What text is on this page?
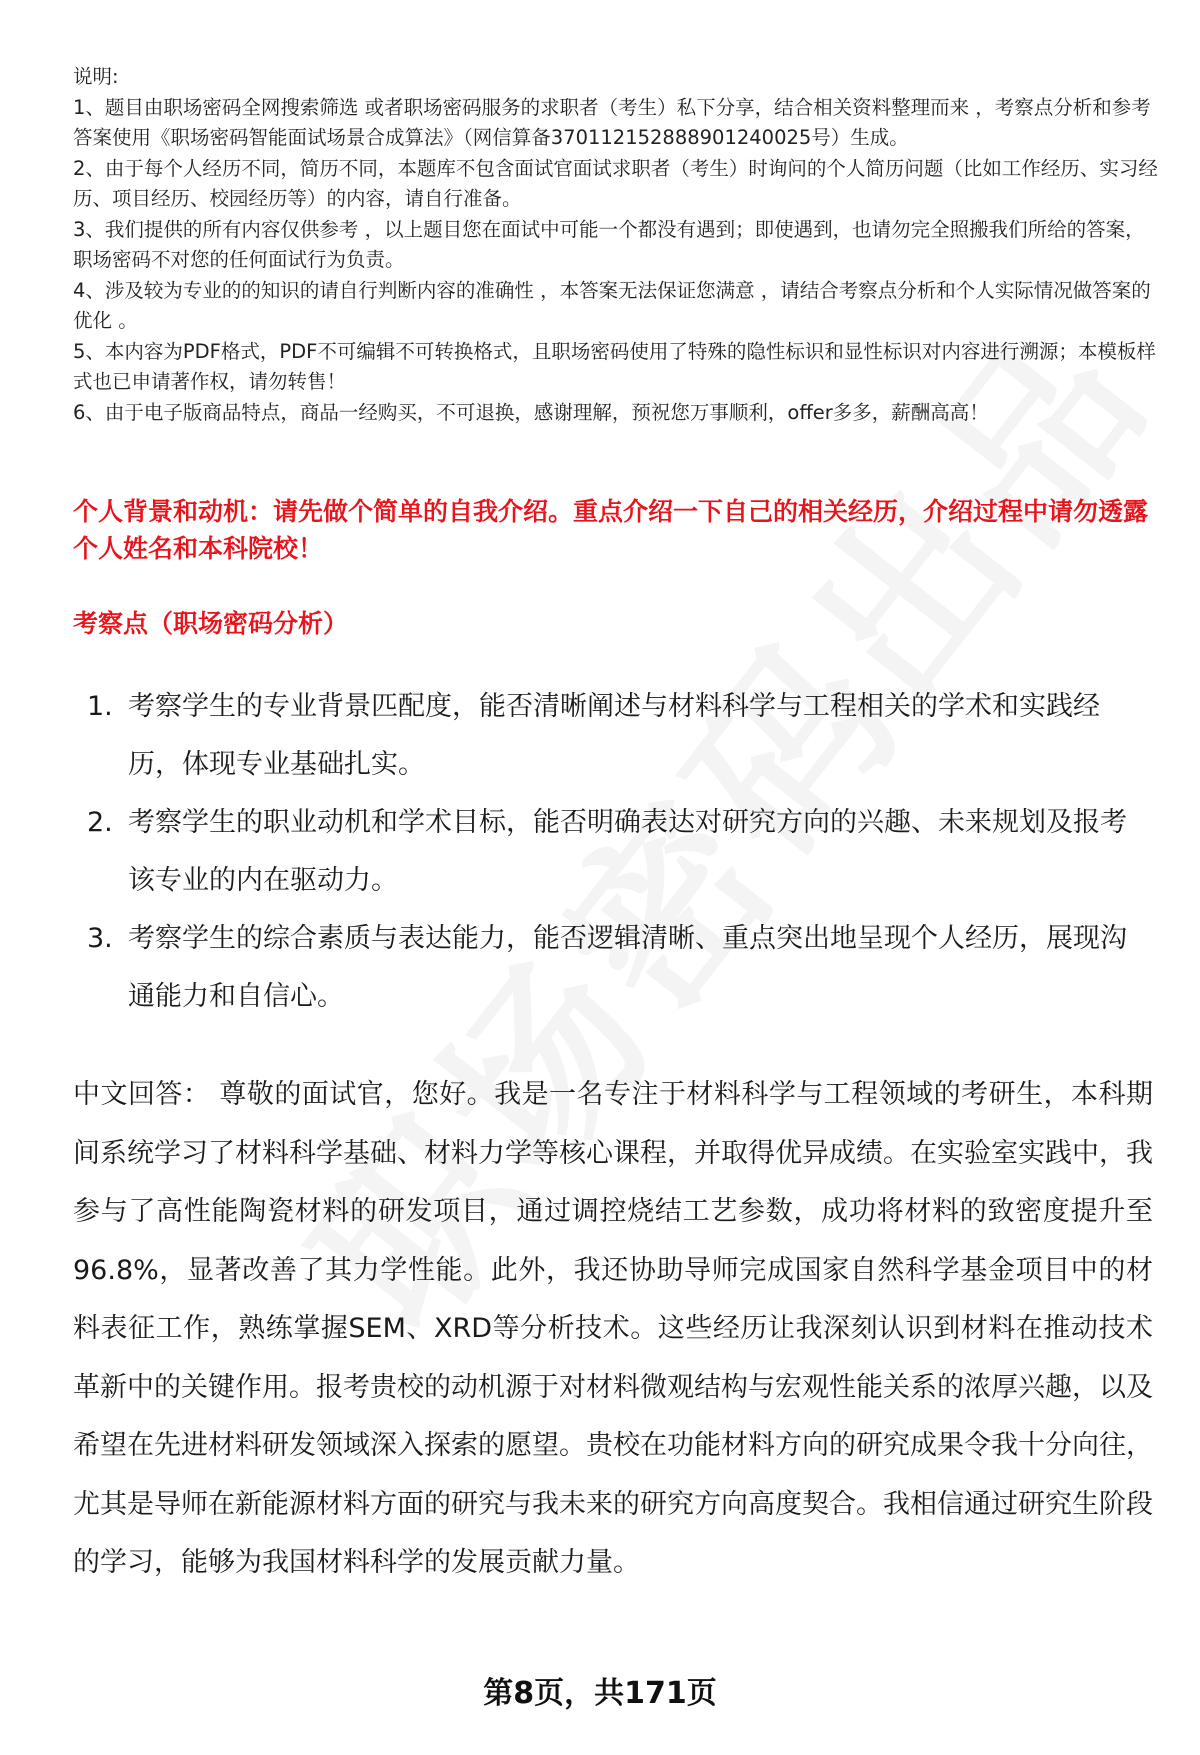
说明:

1、题目由职场密码全网搜索筛选 或者职场密码服务的求职者（考生）私下分享，结合相关资料整理而来 ，考察点分析和参考答案使用《职场密码智能面试场景合成算法》（网信算备370112152888901240025号）生成。

2、由于每个人经历不同，简历不同，本题库不包含面试官面试求职者（考生）时询问的个人简历问题（比如工作经历、实习经历、项目经历、校园经历等）的内容，请自行准备。

3、我们提供的所有内容仅供参考 ，以上题目您在面试中可能一个都没有遇到；即使遇到，也请勿完全照搬我们所给的答案，职场密码不对您的任何面试行为负责。

4、涉及较为专业的的知识的请自行判断内容的准确性 ，本答案无法保证您满意 ，请结合考察点分析和个人实际情况做答案的优化 。

5、本内容为PDF格式，PDF不可编辑不可转换格式，且职场密码使用了特殊的隐性标识和显性标识对内容进行溯源；本模板样式也已申请著作权，请勿转售！

6、由于电子版商品特点，商品一经购买，不可退换，感谢理解，预祝您万事顺利，offer多多，薪酬高高！

个人背景和动机：请先做个简单的自我介绍。重点介绍一下自己的相关经历，介绍过程中请勿透露个人姓名和本科院校！
考察点（职场密码分析）
1. 考察学生的专业背景匹配度，能否清晰阐述与材料科学与工程相关的学术和实践经历，体现专业基础扎实。
2. 考察学生的职业动机和学术目标，能否明确表达对研究方向的兴趣、未来规划及报考该专业的内在驱动力。
3. 考察学生的综合素质与表达能力，能否逻辑清晰、重点突出地呈现个人经历，展现沟通能力和自信心。

中文回答： 尊敬的面试官，您好。我是一名专注于材料科学与工程领域的考研生，本科期间系统学习了材料科学基础、材料力学等核心课程，并取得优异成绩。在实验室实践中，我参与了高性能陶瓷材料的研发项目，通过调控烧结工艺参数，成功将材料的致密度提升至96.8%，显著改善了其力学性能。此外，我还协助导师完成国家自然科学基金项目中的材料表征工作，熟练掌握SEM、XRD等分析技术。这些经历让我深刻认识到材料在推动技术革新中的关键作用。报考贵校的动机源于对材料微观结构与宏观性能关系的浓厚兴趣，以及希望在先进材料研发领域深入探索的愿望。贵校在功能材料方向的研究成果令我十分向往，尤其是导师在新能源材料方面的研究与我未来的研究方向高度契合。我相信通过研究生阶段的学习，能够为我国材料科学的发展贡献力量。

第8页，共171页
